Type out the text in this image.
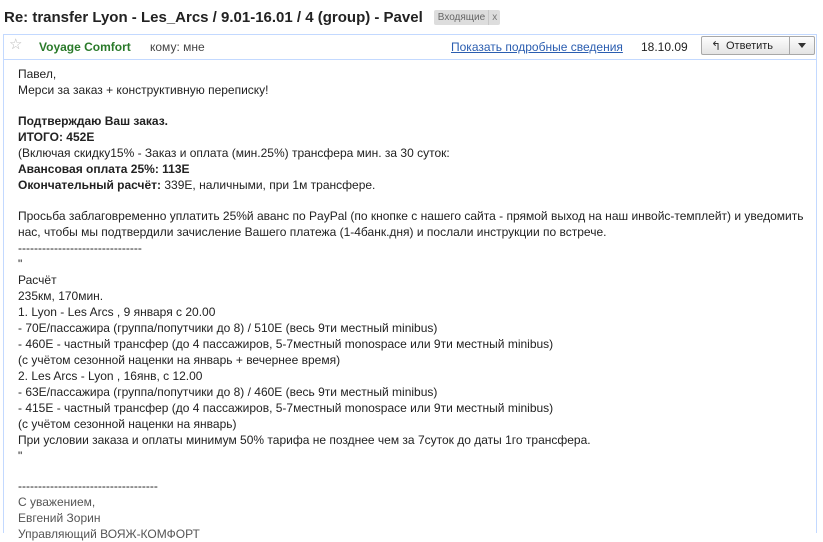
Re: transfer Lyon - Les_Arcs / 9.01-16.01 / 4 (group) - Pavel Входящие x
☆ Voyage Comfort кому: мне	Показать подробные сведения 18.10.09 ↰ Ответить
Павел,
Мерси за заказ + конструктивную переписку!
Подтверждаю Ваш заказ.
ИТОГО: 452Е
(Включая скидку15% - Заказ и оплата (мин.25%) трансфера мин. за 30 суток:
Авансовая оплата 25%: 113Е
Окончательный расчёт: 339Е, наличными, при 1м трансфере.
Просьба заблаговременно уплатить 25%й аванс по PayPal (по кнопке с нашего сайта - прямой выход на наш инвойс-темплейт) и уведомить нас, чтобы мы подтвердили зачисление Вашего платежа (1-4банк.дня) и послали инструкции по встрече.
-------------------------------
"
Расчёт
235км, 170мин.
1. Lyon - Les Arcs , 9 января с 20.00
- 70Е/пассажира (группа/попутчики до 8) / 510Е (весь 9ти местный minibus)
- 460Е - частный трансфер (до 4 пассажиров, 5-7местный monospace или 9ти местный minibus)
(с учётом сезонной наценки на январь + вечернее время)
2. Les Arcs - Lyon , 16янв, с 12.00
- 63Е/пассажира (группа/попутчики до 8) / 460Е (весь 9ти местный minibus)
- 415Е - частный трансфер (до 4 пассажиров, 5-7местный monospace или 9ти местный minibus)
(с учётом сезонной наценки на январь)
При условии заказа и оплаты минимум 50% тарифа не позднее чем за 7суток до даты 1го трансфера.
"
-----------------------------------
С уважением,
Евгений Зорин
Управляющий ВОЯЖ-КОМФОРТ
